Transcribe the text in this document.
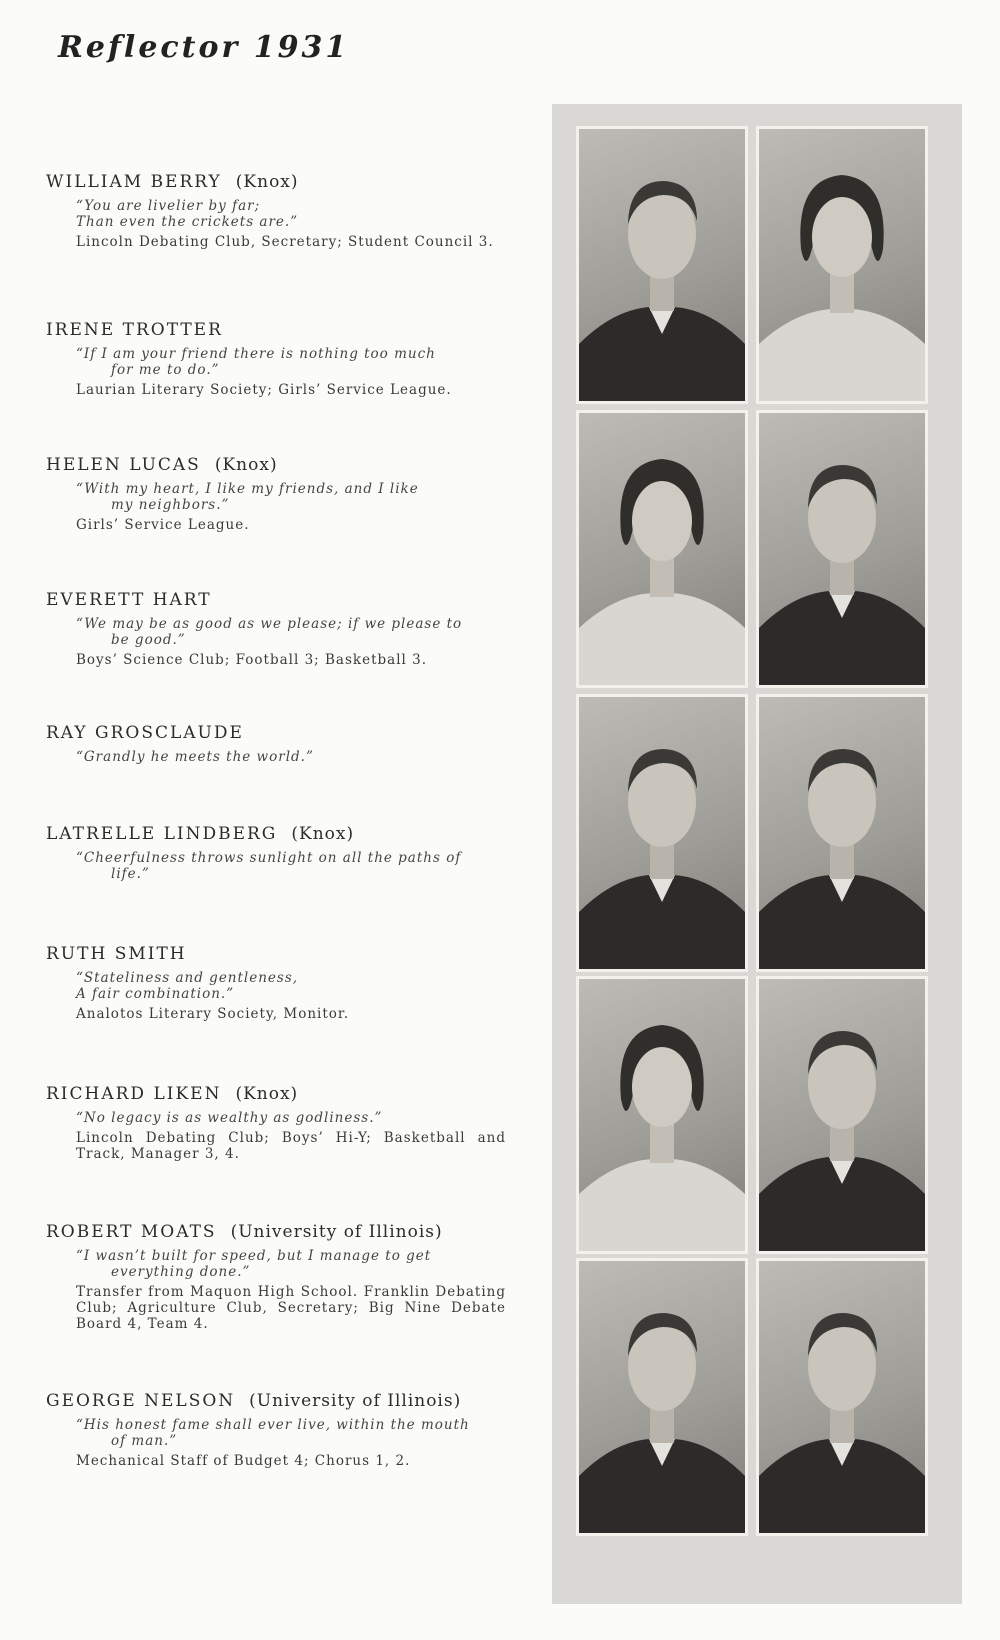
Reflector 1931
WILLIAM BERRY (Knox)
“You are livelier by far;
Than even the crickets are.”
Lincoln Debating Club, Secretary; Student Council 3.
IRENE TROTTER
“If I am your friend there is nothing too much
for me to do.”
Laurian Literary Society; Girls’ Service League.
HELEN LUCAS (Knox)
“With my heart, I like my friends, and I like
my neighbors.”
Girls’ Service League.
EVERETT HART
“We may be as good as we please; if we please to
be good.”
Boys’ Science Club; Football 3; Basketball 3.
RAY GROSCLAUDE
“Grandly he meets the world.”
LATRELLE LINDBERG (Knox)
“Cheerfulness throws sunlight on all the paths of
life.”
RUTH SMITH
“Stateliness and gentleness,
A fair combination.”
Analotos Literary Society, Monitor.
RICHARD LIKEN (Knox)
“No legacy is as wealthy as godliness.”
Lincoln Debating Club; Boys’ Hi-Y; Basketball and Track, Manager 3, 4.
ROBERT MOATS (University of Illinois)
“I wasn’t built for speed, but I manage to get
everything done.”
Transfer from Maquon High School. Franklin Debating Club; Agriculture Club, Secretary; Big Nine Debate Board 4, Team 4.
GEORGE NELSON (University of Illinois)
“His honest fame shall ever live, within the mouth
of man.”
Mechanical Staff of Budget 4; Chorus 1, 2.
